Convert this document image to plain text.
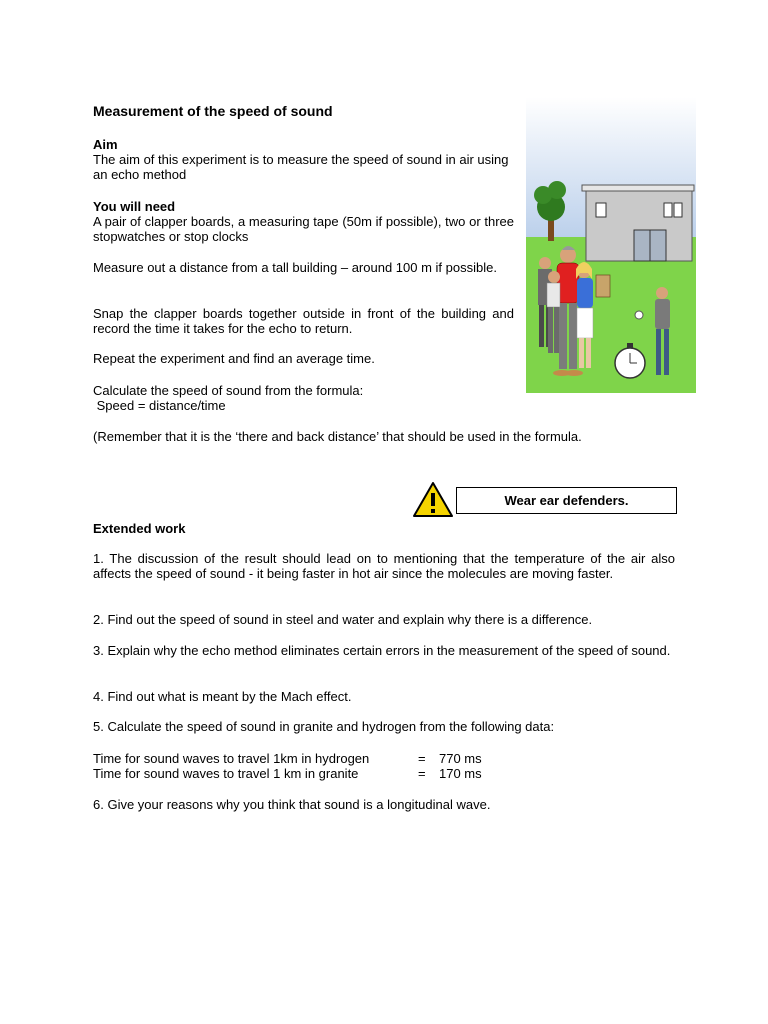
Measurement of the speed of sound

Aim

The aim of this experiment is to measure the speed of sound in air using an echo method

You will need

A pair of clapper boards, a measuring tape (50m if possible), two or three stopwatches or stop clocks

Measure out a distance from a tall building – around 100 m if possible.

Snap the clapper boards together outside in front of the building and record the time it takes for the echo to return.

Repeat the experiment and find an average time.

Calculate the speed of sound from the formula:

Speed = distance/time

(Remember that it is the ‘there and back distance’ that should be used in the formula.

Wear ear defenders.

Extended work

1. The discussion of the result should lead on to mentioning that the temperature of the air also affects the speed of sound - it being faster in hot air since the molecules are moving faster.

2. Find out the speed of sound in steel and water and explain why there is a difference.

3. Explain why the echo method eliminates certain errors in the measurement of the speed of sound.

4. Find out what is meant by the Mach effect.

5. Calculate the speed of sound in granite and hydrogen from the following data:

Time for sound waves to travel 1km in hydrogen	= 770 ms
Time for sound waves to travel 1 km in granite	= 170 ms

6. Give your reasons why you think that sound is a longitudinal wave.
